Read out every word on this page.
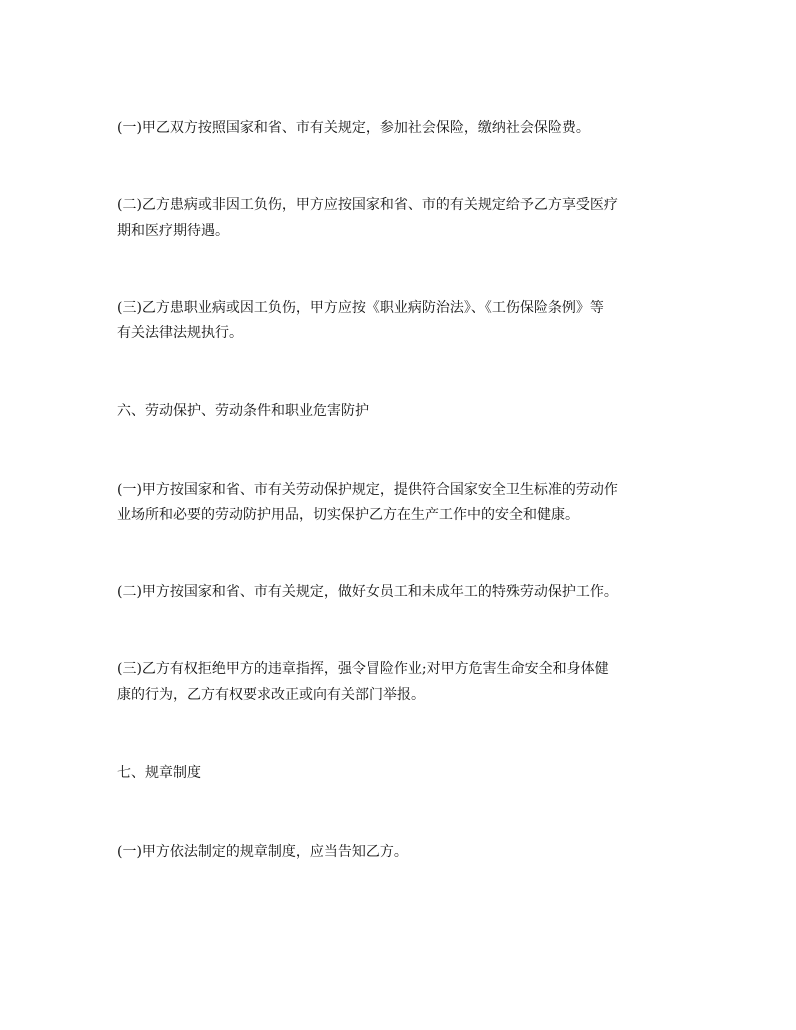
(一)甲乙双方按照国家和省、市有关规定，参加社会保险，缴纳社会保险费。
(二)乙方患病或非因工负伤，甲方应按国家和省、市的有关规定给予乙方享受医疗
期和医疗期待遇。
(三)乙方患职业病或因工负伤，甲方应按《职业病防治法》、《工伤保险条例》等
有关法律法规执行。
六、劳动保护、劳动条件和职业危害防护
(一)甲方按国家和省、市有关劳动保护规定，提供符合国家安全卫生标准的劳动作
业场所和必要的劳动防护用品，切实保护乙方在生产工作中的安全和健康。
(二)甲方按国家和省、市有关规定，做好女员工和未成年工的特殊劳动保护工作。
(三)乙方有权拒绝甲方的违章指挥，强令冒险作业;对甲方危害生命安全和身体健
康的行为，乙方有权要求改正或向有关部门举报。
七、规章制度
(一)甲方依法制定的规章制度，应当告知乙方。
